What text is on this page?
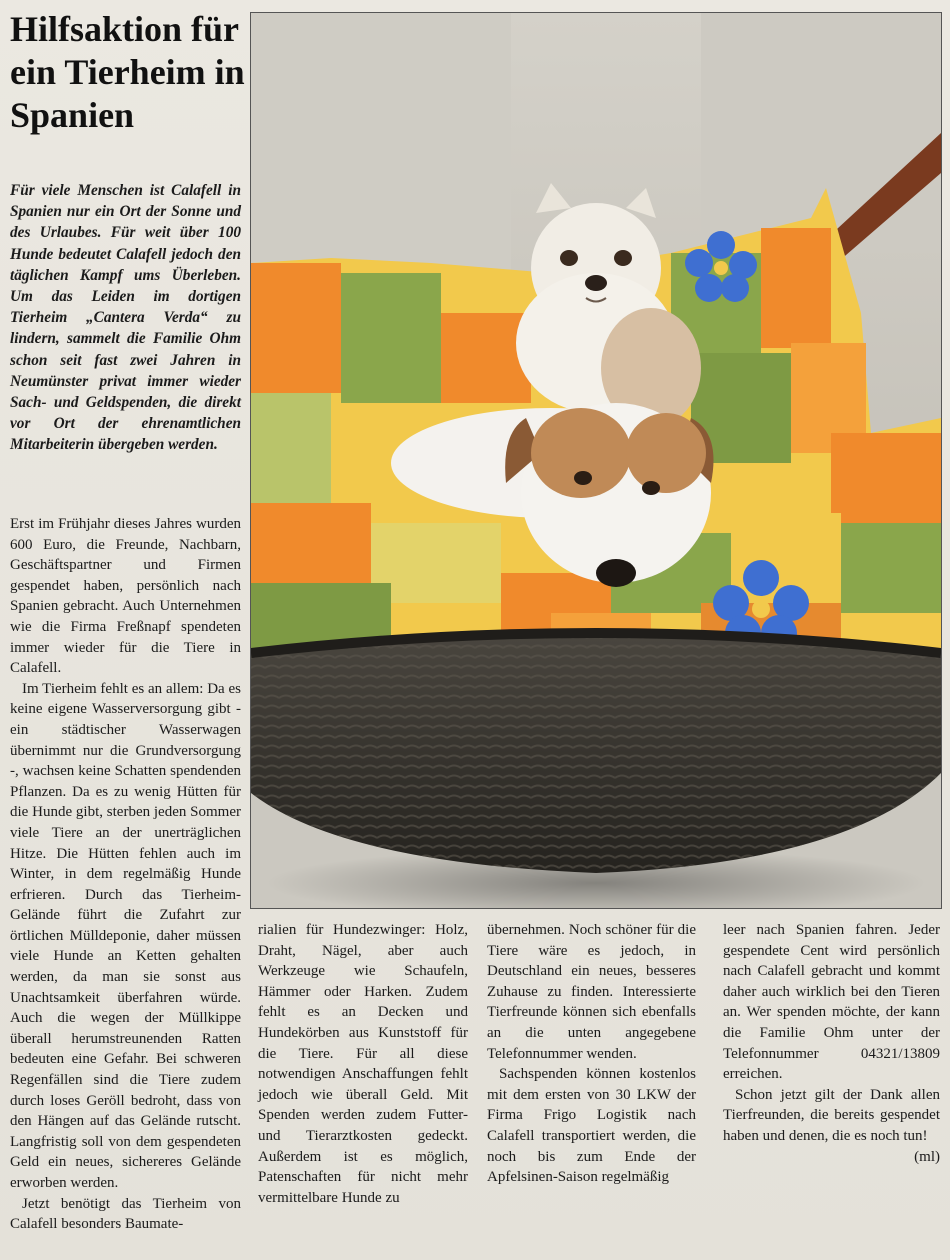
Hilfsaktion für ein Tierheim in Spanien

Für viele Menschen ist Calafell in Spanien nur ein Ort der Sonne und des Urlaubes. Für weit über 100 Hunde bedeutet Calafell jedoch den täglichen Kampf ums Überleben. Um das Leiden im dortigen Tierheim „Cantera Verda“ zu lindern, sammelt die Familie Ohm schon seit fast zwei Jahren in Neumünster privat immer wieder Sach- und Geldspenden, die direkt vor Ort der ehrenamtlichen Mitarbeiterin übergeben werden.

Erst im Frühjahr dieses Jahres wurden 600 Euro, die Freunde, Nachbarn, Geschäftspartner und Firmen gespendet haben, persönlich nach Spanien gebracht. Auch Unternehmen wie die Firma Freßnapf spendeten immer wieder für die Tiere in Calafell.

Im Tierheim fehlt es an allem: Da es keine eigene Wasserversorgung gibt - ein städtischer Wasserwagen übernimmt nur die Grundversorgung -, wachsen keine Schatten spendenden Pflanzen. Da es zu wenig Hütten für die Hunde gibt, sterben jeden Sommer viele Tiere an der unerträglichen Hitze. Die Hütten fehlen auch im Winter, in dem regelmäßig Hunde erfrieren. Durch das Tierheim-Gelände führt die Zufahrt zur örtlichen Mülldeponie, daher müssen viele Hunde an Ketten gehalten werden, da man sie sonst aus Unachtsamkeit überfahren würde. Auch die wegen der Müllkippe überall herumstreunenden Ratten bedeuten eine Gefahr. Bei schweren Regenfällen sind die Tiere zudem durch loses Geröll bedroht, dass von den Hängen auf das Gelände rutscht. Langfristig soll von dem gespendeten Geld ein neues, sichereres Gelände erworben werden.

Jetzt benötigt das Tierheim von Calafell besonders Baumate-

rialien für Hundezwinger: Holz, Draht, Nägel, aber auch Werkzeuge wie Schaufeln, Hämmer oder Harken. Zudem fehlt es an Decken und Hundekörben aus Kunststoff für die Tiere. Für all diese notwendigen Anschaffungen fehlt jedoch wie überall Geld. Mit Spenden werden zudem Futter- und Tierarztkosten gedeckt. Außerdem ist es möglich, Patenschaften für nicht mehr vermittelbare Hunde zu

übernehmen. Noch schöner für die Tiere wäre es jedoch, in Deutschland ein neues, besseres Zuhause zu finden. Interessierte Tierfreunde können sich ebenfalls an die unten angegebene Telefonnummer wenden.

Sachspenden können kostenlos mit dem ersten von 30 LKW der Firma Frigo Logistik nach Calafell transportiert werden, die noch bis zum Ende der Apfelsinen-Saison regelmäßig

leer nach Spanien fahren. Jeder gespendete Cent wird persönlich nach Calafell gebracht und kommt daher auch wirklich bei den Tieren an. Wer spenden möchte, der kann die Familie Ohm unter der Telefonnummer 04321/13809 erreichen.

Schon jetzt gilt der Dank allen Tierfreunden, die bereits gespendet haben und denen, die es noch tun!
(ml)
